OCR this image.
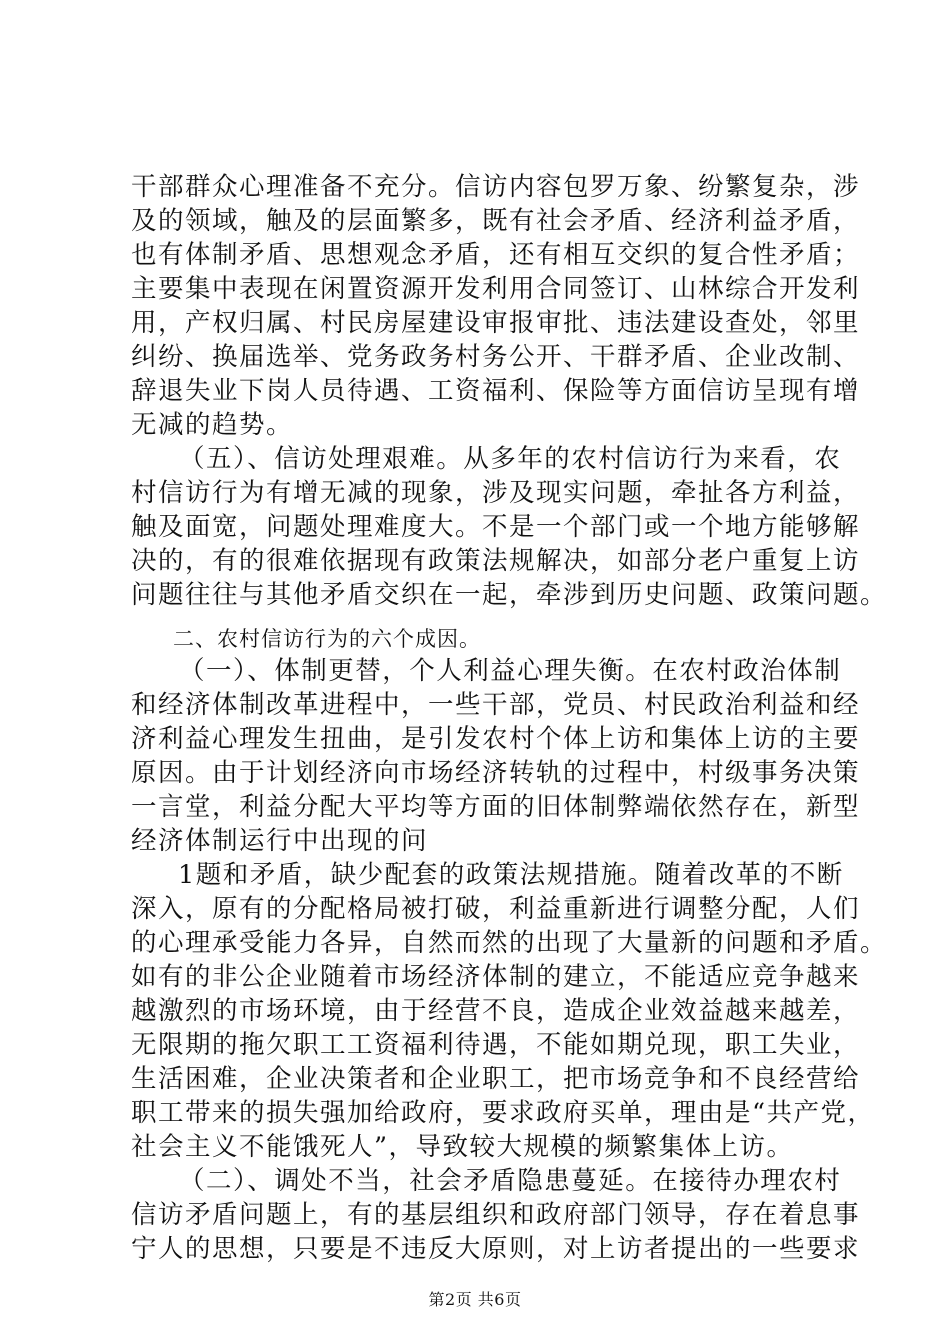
干部群众心理准备不充分。信访内容包罗万象、纷繁复杂，涉
及的领域，触及的层面繁多，既有社会矛盾、经济利益矛盾，
也有体制矛盾、思想观念矛盾，还有相互交织的复合性矛盾；
主要集中表现在闲置资源开发利用合同签订、山林综合开发利
用，产权归属、村民房屋建设审报审批、违法建设查处，邻里
纠纷、换届选举、党务政务村务公开、干群矛盾、企业改制、
辞退失业下岗人员待遇、工资福利、保险等方面信访呈现有增
无减的趋势。
（五）、信访处理艰难。从多年的农村信访行为来看，农
村信访行为有增无减的现象，涉及现实问题，牵扯各方利益，
触及面宽，问题处理难度大。不是一个部门或一个地方能够解
决的，有的很难依据现有政策法规解决，如部分老户重复上访
问题往往与其他矛盾交织在一起，牵涉到历史问题、政策问题。
二、农村信访行为的六个成因。
（一）、体制更替，个人利益心理失衡。在农村政治体制
和经济体制改革进程中，一些干部，党员、村民政治利益和经
济利益心理发生扭曲，是引发农村个体上访和集体上访的主要
原因。由于计划经济向市场经济转轨的过程中，村级事务决策
一言堂，利益分配大平均等方面的旧体制弊端依然存在，新型
经济体制运行中出现的问
1题和矛盾，缺少配套的政策法规措施。随着改革的不断
深入，原有的分配格局被打破，利益重新进行调整分配，人们
的心理承受能力各异，自然而然的出现了大量新的问题和矛盾。
如有的非公企业随着市场经济体制的建立，不能适应竞争越来
越激烈的市场环境，由于经营不良，造成企业效益越来越差，
无限期的拖欠职工工资福利待遇，不能如期兑现，职工失业，
生活困难，企业决策者和企业职工，把市场竞争和不良经营给
职工带来的损失强加给政府，要求政府买单，理由是“共产党，
社会主义不能饿死人”，导致较大规模的频繁集体上访。
（二）、调处不当，社会矛盾隐患蔓延。在接待办理农村
信访矛盾问题上，有的基层组织和政府部门领导，存在着息事
宁人的思想，只要是不违反大原则，对上访者提出的一些要求
第2页 共6页
